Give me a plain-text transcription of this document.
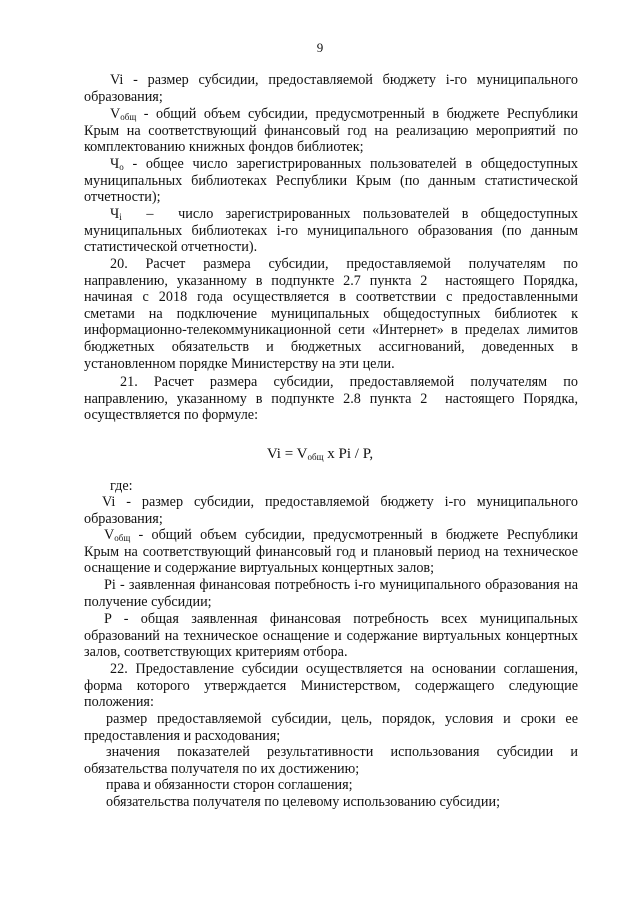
9
Vi - размер субсидии, предоставляемой бюджету i-го муниципального образования;
$V_{общ}$ - общий объем субсидии, предусмотренный в бюджете Республики Крым на соответствующий финансовый год на реализацию мероприятий по комплектованию книжных фондов библиотек;
$Ч_о$ - общее число зарегистрированных пользователей в общедоступных муниципальных библиотеках Республики Крым (по данным статистической отчетности);
$Ч_i$  –  число зарегистрированных пользователей в общедоступных муниципальных библиотеках i-го муниципального образования (по данным статистической отчетности).
20. Расчет размера субсидии, предоставляемой получателям по направлению, указанному в подпункте 2.7 пункта 2  настоящего Порядка, начиная с 2018 года осуществляется в соответствии с предоставленными сметами на подключение муниципальных общедоступных библиотек к информационно-телекоммуникационной сети «Интернет» в пределах лимитов бюджетных обязательств и бюджетных ассигнований, доведенных в установленном порядке Министерству на эти цели.
21. Расчет размера субсидии, предоставляемой получателям по направлению, указанному в подпункте 2.8 пункта 2  настоящего Порядка, осуществляется по формуле:
$Vi = V_{общ}$ x Pi / P,
где:
Vi - размер субсидии, предоставляемой бюджету i-го муниципального образования;
$V_{общ}$ - общий объем субсидии, предусмотренный в бюджете Республики Крым на соответствующий финансовый год и плановый период на техническое оснащение и содержание виртуальных концертных залов;
Pi - заявленная финансовая потребность i-го муниципального образования на получение субсидии;
P - общая заявленная финансовая потребность всех муниципальных образований на техническое оснащение и содержание виртуальных концертных залов, соответствующих критериям отбора.
22. Предоставление субсидии осуществляется на основании соглашения, форма которого утверждается Министерством, содержащего следующие положения:
размер предоставляемой субсидии, цель, порядок, условия и сроки ее предоставления и расходования;
значения показателей результативности использования субсидии и обязательства получателя по их достижению;
права и обязанности сторон соглашения;
обязательства получателя по целевому использованию субсидии;
